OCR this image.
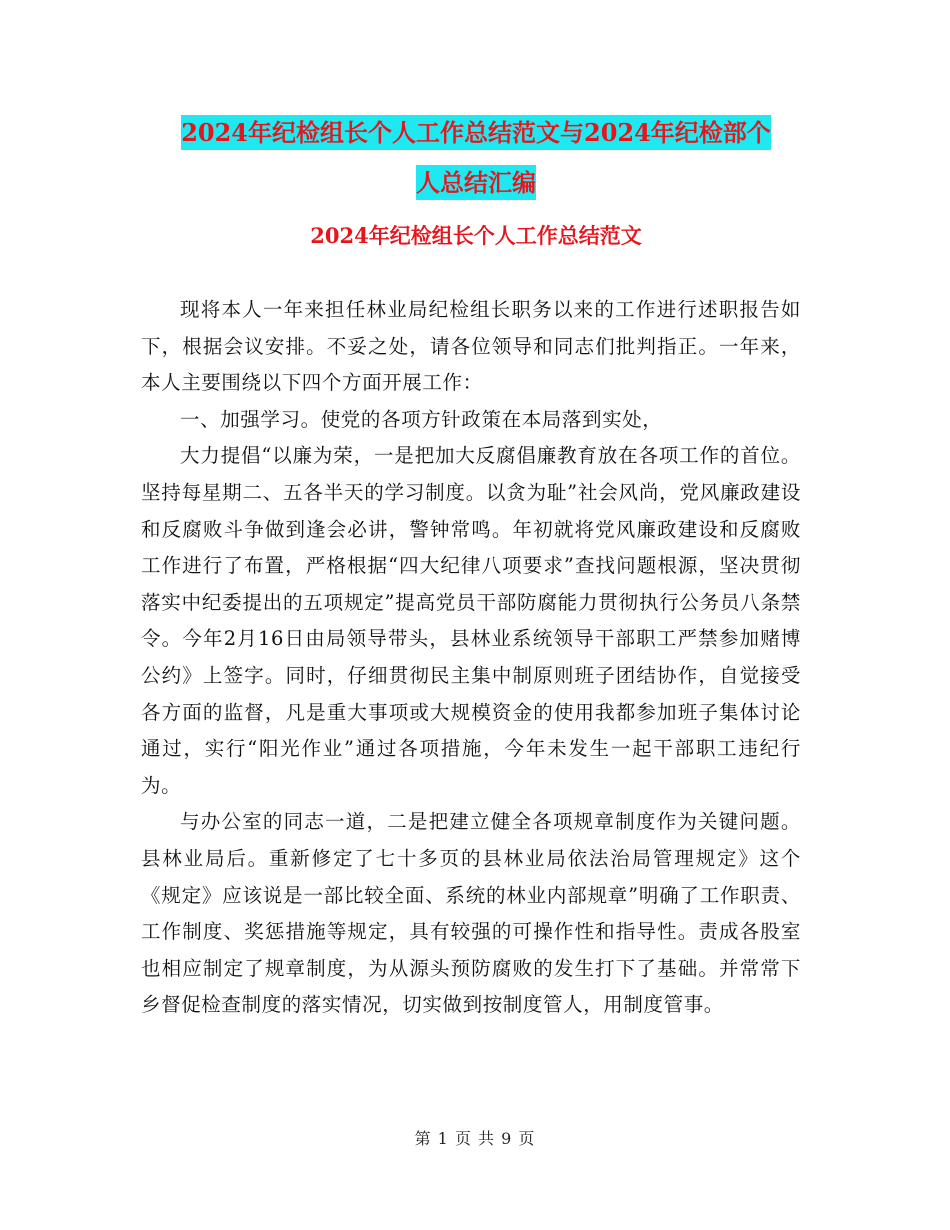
2024年纪检组长个人工作总结范文与2024年纪检部个
人总结汇编
2024年纪检组长个人工作总结范文

现将本人一年来担任林业局纪检组长职务以来的工作进行述职报告如下，根据会议安排。不妥之处，请各位领导和同志们批判指正。一年来，本人主要围绕以下四个方面开展工作：

一、加强学习。使党的各项方针政策在本局落到实处，

大力提倡“以廉为荣，一是把加大反腐倡廉教育放在各项工作的首位。坚持每星期二、五各半天的学习制度。以贪为耻”社会风尚，党风廉政建设和反腐败斗争做到逢会必讲，警钟常鸣。年初就将党风廉政建设和反腐败工作进行了布置，严格根据“四大纪律八项要求”查找问题根源，坚决贯彻落实中纪委提出的五项规定”提高党员干部防腐能力贯彻执行公务员八条禁令。今年2月16日由局领导带头，县林业系统领导干部职工严禁参加赌博公约》上签字。同时，仔细贯彻民主集中制原则班子团结协作，自觉接受各方面的监督，凡是重大事项或大规模资金的使用我都参加班子集体讨论通过，实行“阳光作业”通过各项措施，今年未发生一起干部职工违纪行为。

与办公室的同志一道，二是把建立健全各项规章制度作为关键问题。县林业局后。重新修定了七十多页的县林业局依法治局管理规定》这个《规定》应该说是一部比较全面、系统的林业内部规章”明确了工作职责、工作制度、奖惩措施等规定，具有较强的可操作性和指导性。责成各股室也相应制定了规章制度，为从源头预防腐败的发生打下了基础。并常常下乡督促检查制度的落实情况，切实做到按制度管人，用制度管事。

第 1 页 共 9 页
